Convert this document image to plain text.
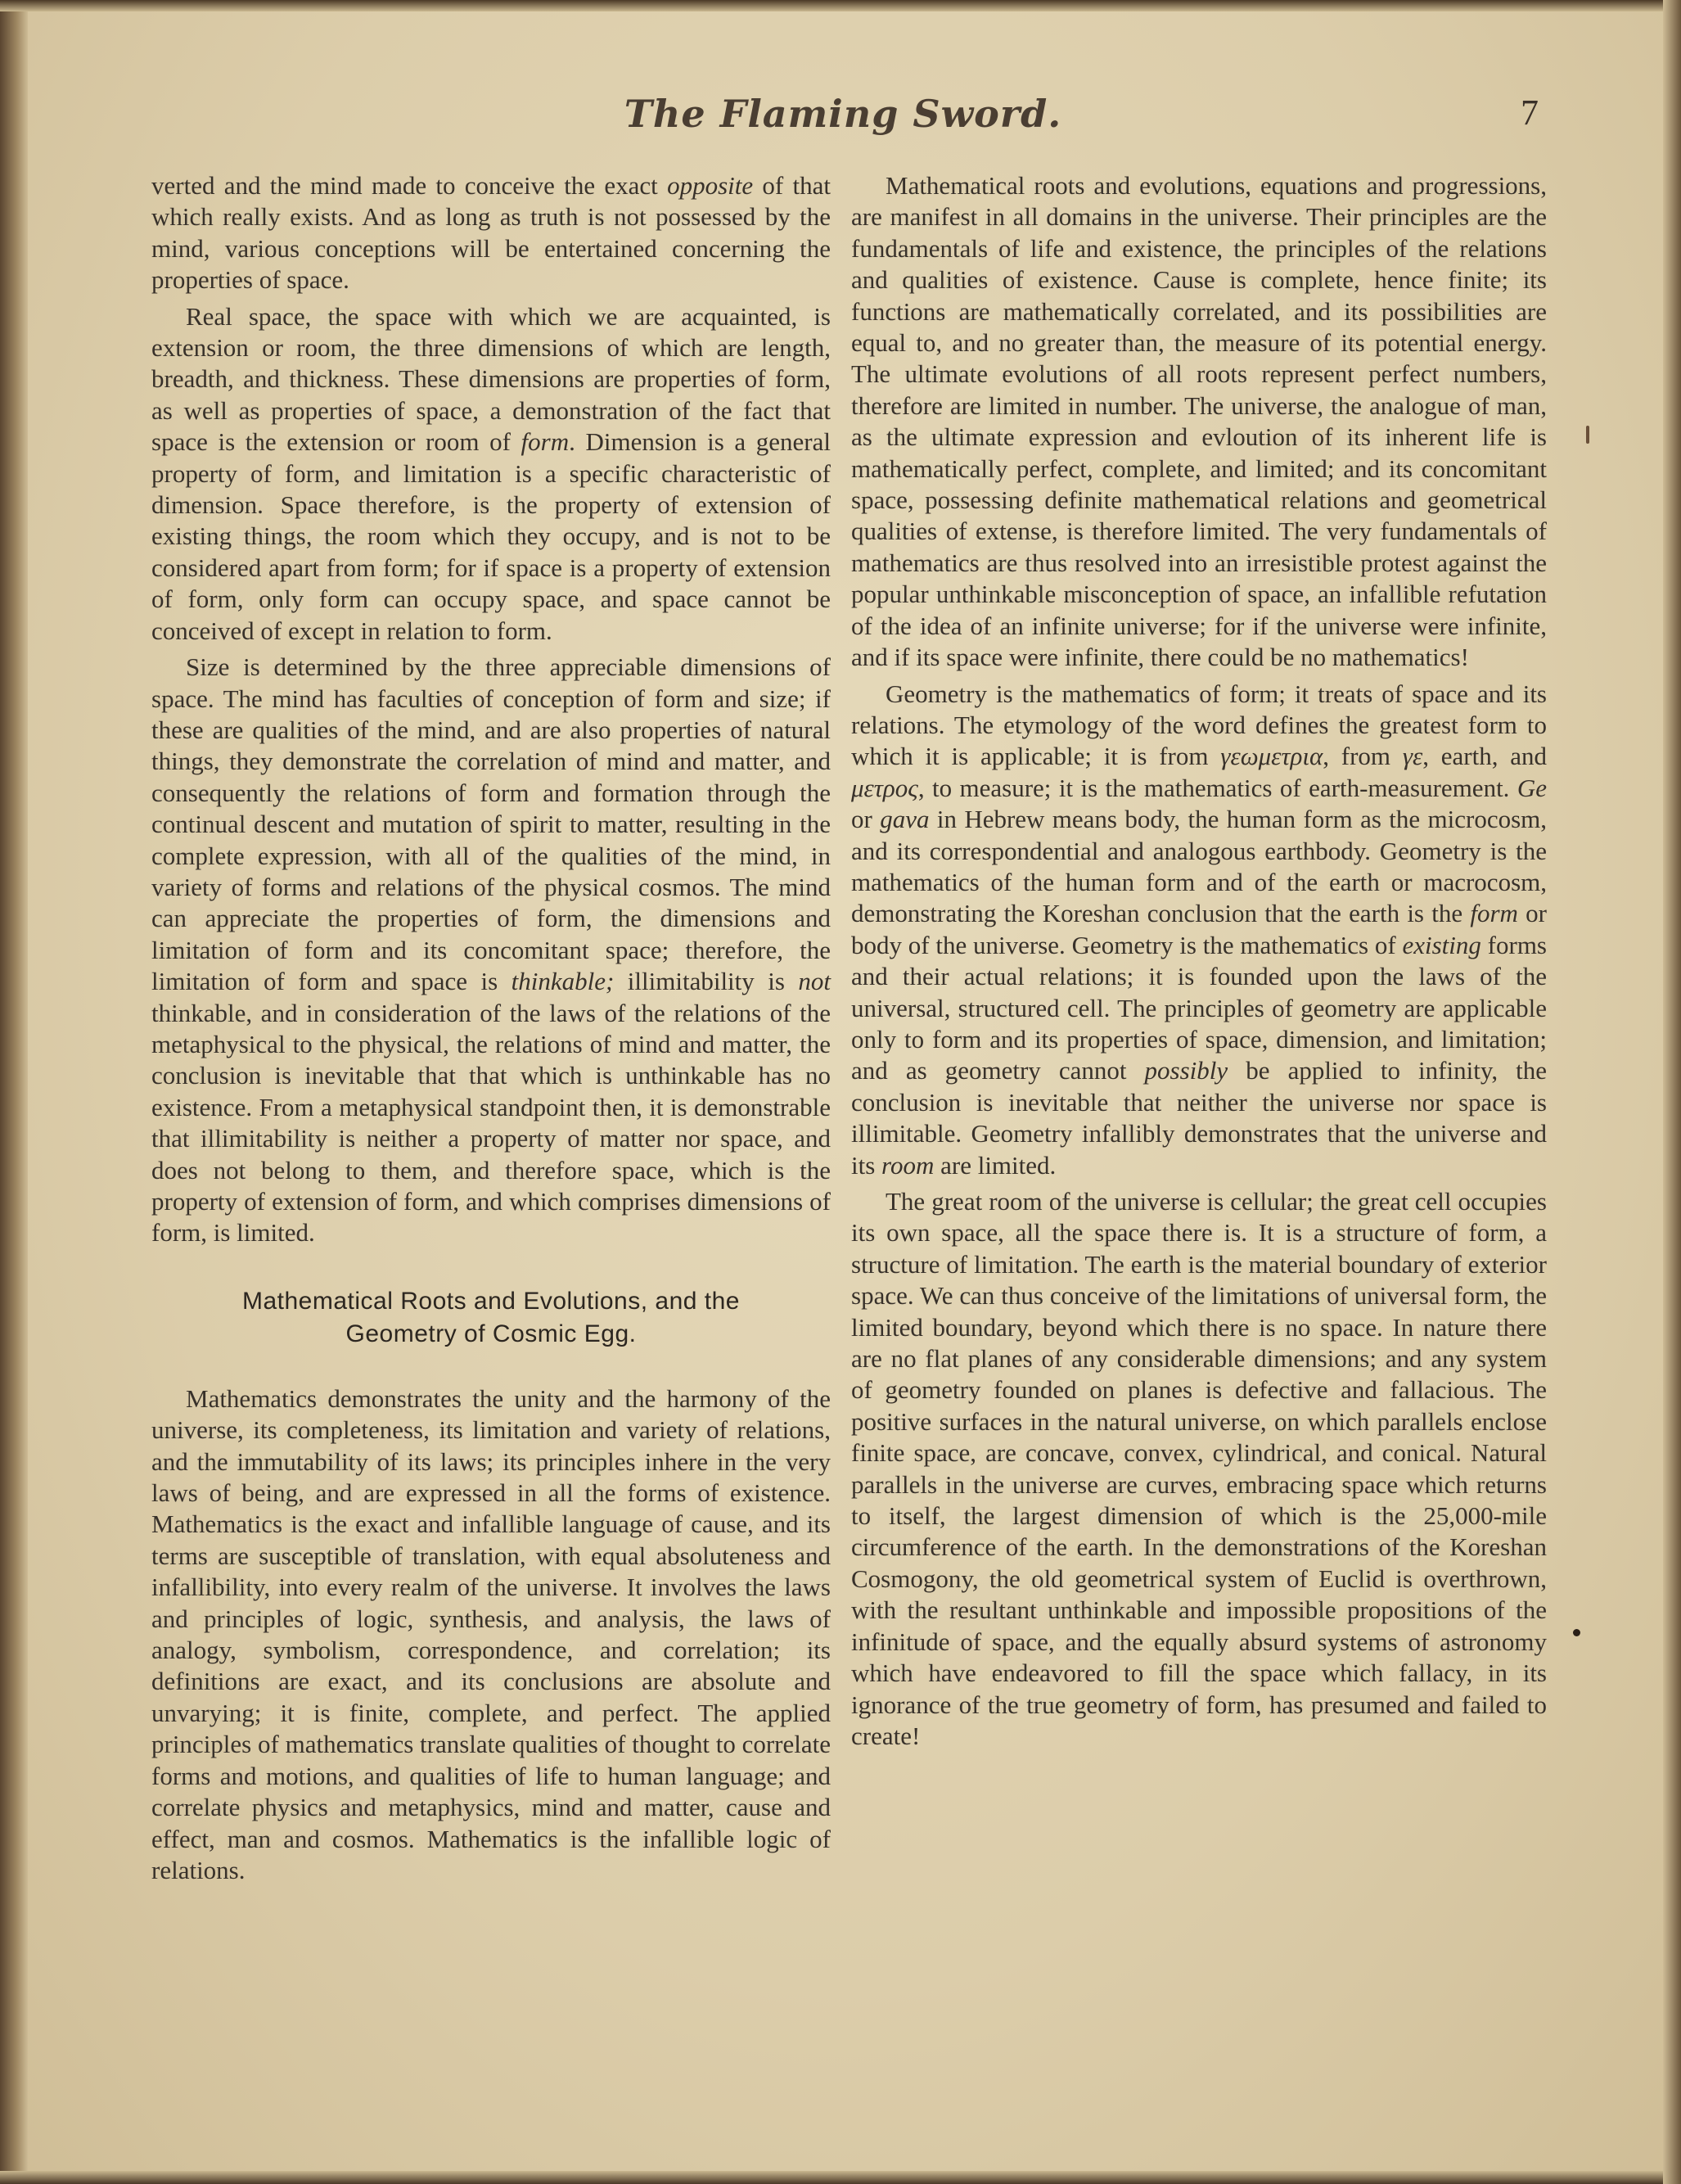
The Flaming Sword.	7

verted and the mind made to conceive the exact opposite of that which really exists. And as long as truth is not possessed by the mind, various conceptions will be entertained concerning the properties of space.

Real space, the space with which we are acquainted, is extension or room, the three dimensions of which are length, breadth, and thickness. These dimensions are properties of form, as well as properties of space, a demonstration of the fact that space is the extension or room of form. Dimension is a general property of form, and limitation is a specific characteristic of dimension. Space therefore, is the property of extension of existing things, the room which they occupy, and is not to be considered apart from form; for if space is a property of extension of form, only form can occupy space, and space cannot be conceived of except in relation to form.

Size is determined by the three appreciable dimensions of space. The mind has faculties of conception of form and size; if these are qualities of the mind, and are also properties of natural things, they demonstrate the correlation of mind and matter, and consequently the relations of form and formation through the continual descent and mutation of spirit to matter, resulting in the complete expression, with all of the qualities of the mind, in variety of forms and relations of the physical cosmos. The mind can appreciate the properties of form, the dimensions and limitation of form and its concomitant space; therefore, the limitation of form and space is thinkable; illimitability is not thinkable, and in consideration of the laws of the relations of the metaphysical to the physical, the relations of mind and matter, the conclusion is inevitable that that which is unthinkable has no existence. From a metaphysical standpoint then, it is demonstrable that illimitability is neither a property of matter nor space, and does not belong to them, and therefore space, which is the property of extension of form, and which comprises dimensions of form, is limited.

Mathematical Roots and Evolutions, and the
Geometry of Cosmic Egg.

Mathematics demonstrates the unity and the harmony of the universe, its completeness, its limitation and variety of relations, and the immutability of its laws; its principles inhere in the very laws of being, and are expressed in all the forms of existence. Mathematics is the exact and infallible language of cause, and its terms are susceptible of translation, with equal absoluteness and infallibility, into every realm of the universe. It involves the laws and principles of logic, synthesis, and analysis, the laws of analogy, symbolism, correspondence, and correlation; its definitions are exact, and its conclusions are absolute and unvarying; it is finite, complete, and perfect. The applied principles of mathematics translate qualities of thought to correlate forms and motions, and qualities of life to human language; and correlate physics and metaphysics, mind and matter, cause and effect, man and cosmos. Mathematics is the infallible logic of relations.

Mathematical roots and evolutions, equations and progressions, are manifest in all domains in the universe. Their principles are the fundamentals of life and existence, the principles of the relations and qualities of existence. Cause is complete, hence finite; its functions are mathematically correlated, and its possibilities are equal to, and no greater than, the measure of its potential energy. The ultimate evolutions of all roots represent perfect numbers, therefore are limited in number. The universe, the analogue of man, as the ultimate expression and evloution of its inherent life is mathematically perfect, complete, and limited; and its concomitant space, possessing definite mathematical relations and geometrical qualities of extense, is therefore limited. The very fundamentals of mathematics are thus resolved into an irresistible protest against the popular unthinkable misconception of space, an infallible refutation of the idea of an infinite universe; for if the universe were infinite, and if its space were infinite, there could be no mathematics!

Geometry is the mathematics of form; it treats of space and its relations. The etymology of the word defines the greatest form to which it is applicable; it is from γεωμετρια, from γε, earth, and μετρος, to measure; it is the mathematics of earth-measurement. Ge or gava in Hebrew means body, the human form as the microcosm, and its correspondential and analogous earthbody. Geometry is the mathematics of the human form and of the earth or macrocosm, demonstrating the Koreshan conclusion that the earth is the form or body of the universe. Geometry is the mathematics of existing forms and their actual relations; it is founded upon the laws of the universal, structured cell. The principles of geometry are applicable only to form and its properties of space, dimension, and limitation; and as geometry cannot possibly be applied to infinity, the conclusion is inevitable that neither the universe nor space is illimitable. Geometry infallibly demonstrates that the universe and its room are limited.

The great room of the universe is cellular; the great cell occupies its own space, all the space there is. It is a structure of form, a structure of limitation. The earth is the material boundary of exterior space. We can thus conceive of the limitations of universal form, the limited boundary, beyond which there is no space. In nature there are no flat planes of any considerable dimensions; and any system of geometry founded on planes is defective and fallacious. The positive surfaces in the natural universe, on which parallels enclose finite space, are concave, convex, cylindrical, and conical. Natural parallels in the universe are curves, embracing space which returns to itself, the largest dimension of which is the 25,000-mile circumference of the earth. In the demonstrations of the Koreshan Cosmogony, the old geometrical system of Euclid is overthrown, with the resultant unthinkable and impossible propositions of the infinitude of space, and the equally absurd systems of astronomy which have endeavored to fill the space which fallacy, in its ignorance of the true geometry of form, has presumed and failed to create!
